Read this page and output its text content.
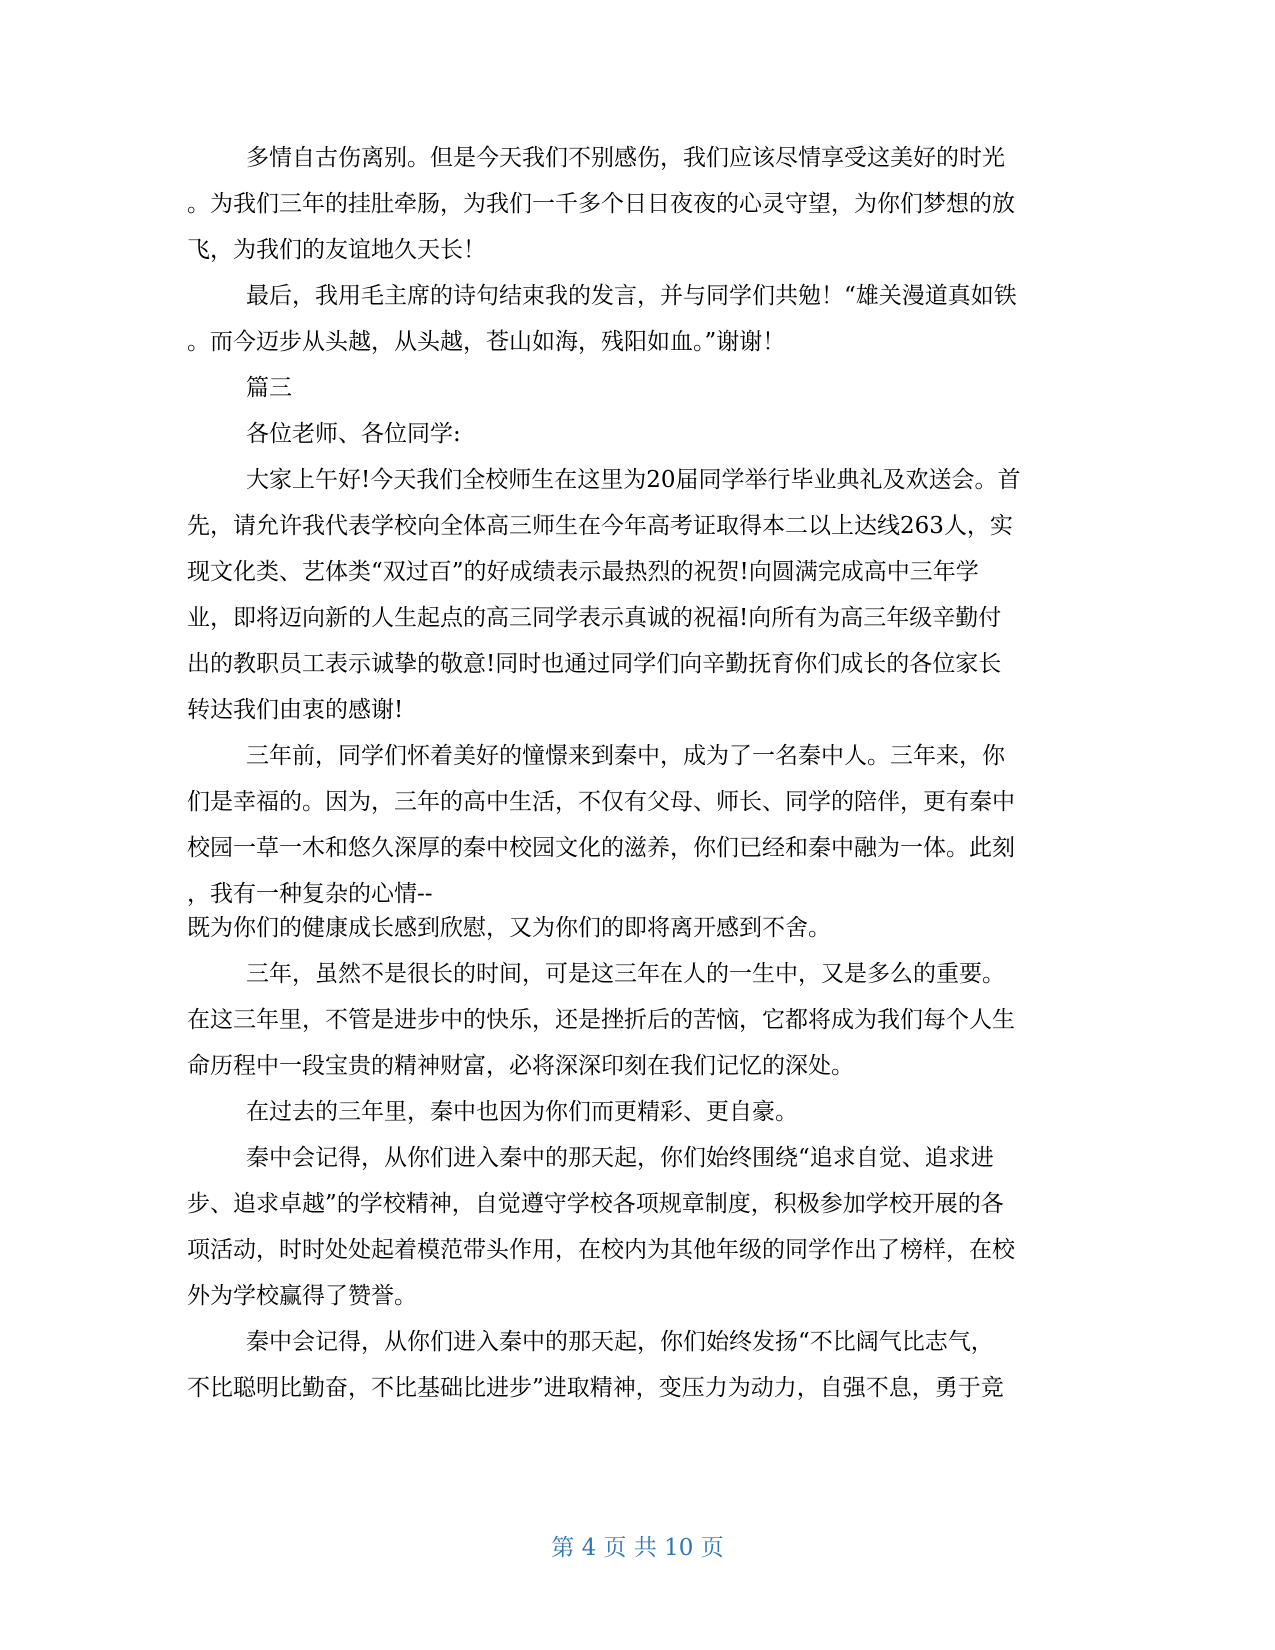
多情自古伤离别。但是今天我们不别感伤，我们应该尽情享受这美好的时光
。为我们三年的挂肚牵肠，为我们一千多个日日夜夜的心灵守望，为你们梦想的放
飞，为我们的友谊地久天长！
最后，我用毛主席的诗句结束我的发言，并与同学们共勉！“雄关漫道真如铁
。而今迈步从头越，从头越，苍山如海，残阳如血。”谢谢！
篇三
各位老师、各位同学:
大家上午好!今天我们全校师生在这里为20届同学举行毕业典礼及欢送会。首
先，请允许我代表学校向全体高三师生在今年高考证取得本二以上达线263人，实
现文化类、艺体类“双过百”的好成绩表示最热烈的祝贺!向圆满完成高中三年学
业，即将迈向新的人生起点的高三同学表示真诚的祝福!向所有为高三年级辛勤付
出的教职员工表示诚挚的敬意!同时也通过同学们向辛勤抚育你们成长的各位家长
转达我们由衷的感谢!
三年前，同学们怀着美好的憧憬来到秦中，成为了一名秦中人。三年来，你
们是幸福的。因为，三年的高中生活，不仅有父母、师长、同学的陪伴，更有秦中
校园一草一木和悠久深厚的秦中校园文化的滋养，你们已经和秦中融为一体。此刻
，我有一种复杂的心情--
既为你们的健康成长感到欣慰，又为你们的即将离开感到不舍。
三年，虽然不是很长的时间，可是这三年在人的一生中，又是多么的重要。
在这三年里，不管是进步中的快乐，还是挫折后的苦恼，它都将成为我们每个人生
命历程中一段宝贵的精神财富，必将深深印刻在我们记忆的深处。
在过去的三年里，秦中也因为你们而更精彩、更自豪。
秦中会记得，从你们进入秦中的那天起，你们始终围绕“追求自觉、追求进
步、追求卓越”的学校精神，自觉遵守学校各项规章制度，积极参加学校开展的各
项活动，时时处处起着模范带头作用，在校内为其他年级的同学作出了榜样，在校
外为学校赢得了赞誉。
秦中会记得，从你们进入秦中的那天起，你们始终发扬“不比阔气比志气，
不比聪明比勤奋，不比基础比进步”进取精神，变压力为动力，自强不息，勇于竞
第 4 页 共 10 页
